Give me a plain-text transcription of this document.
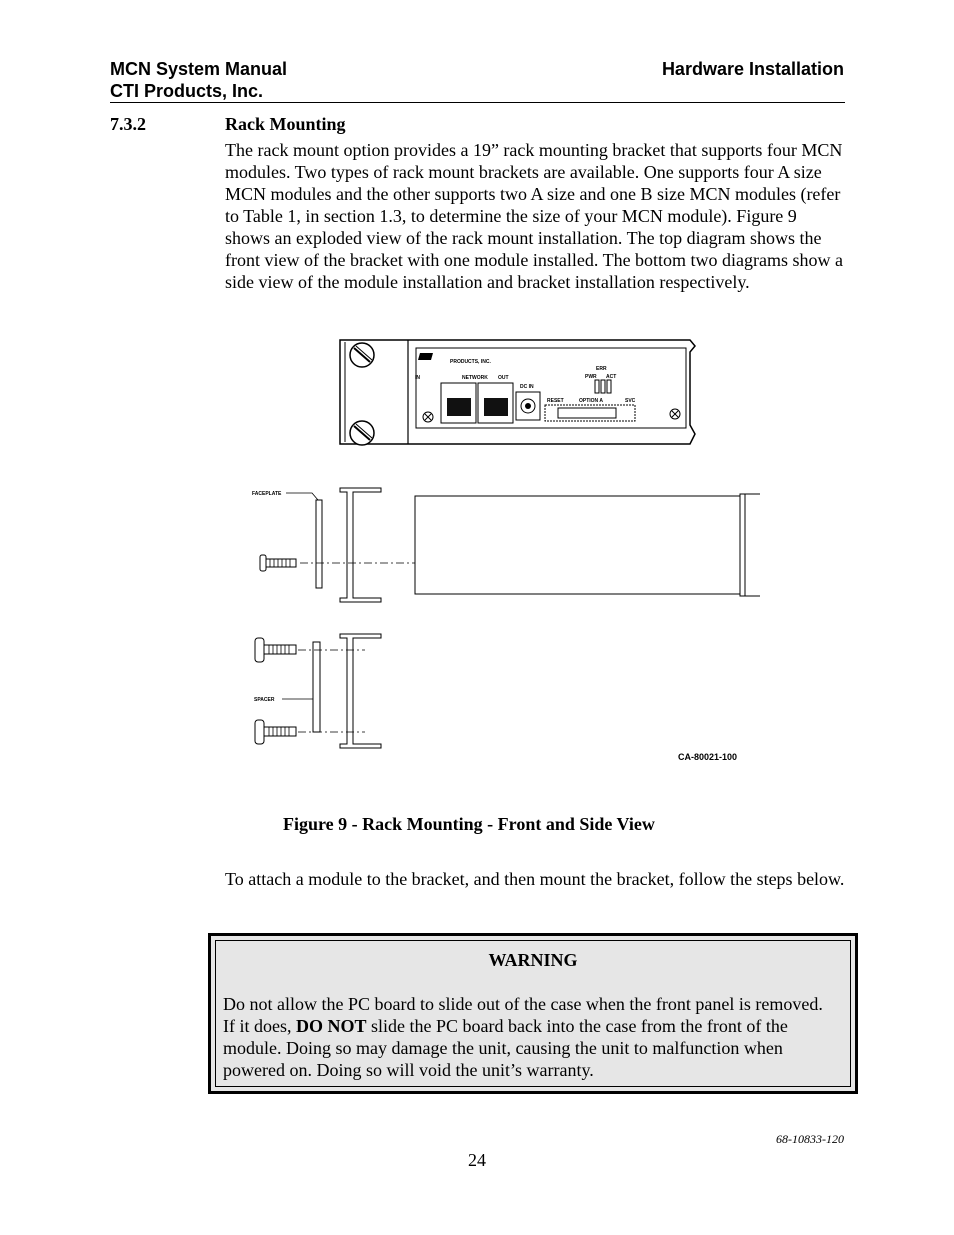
MCN System Manual
CTI Products, Inc.
Hardware Installation
7.3.2	Rack Mounting

The rack mount option provides a 19” rack mounting bracket that supports four MCN modules. Two types of rack mount brackets are available. One supports four A size MCN modules and the other supports two A size and one B size MCN modules (refer to Table 1, in section 1.3, to determine the size of your MCN module). Figure 9 shows an exploded view of the rack mount installation. The top diagram shows the front view of the bracket with one module installed. The bottom two diagrams show a side view of the module installation and bracket installation respectively.

PRODUCTS, INC.
IN	NETWORK OUT
DC IN
ERR
PWR ACT
RESET	OPTION A	SVC
FACEPLATE
SPACER
CA-80021-100
Figure 9 - Rack Mounting - Front and Side View

To attach a module to the bracket, and then mount the bracket, follow the steps below.

WARNING

Do not allow the PC board to slide out of the case when the front panel is removed. If it does, DO NOT slide the PC board back into the case from the front of the module. Doing so may damage the unit, causing the unit to malfunction when powered on. Doing so will void the unit’s warranty.

68-10833-120
24
